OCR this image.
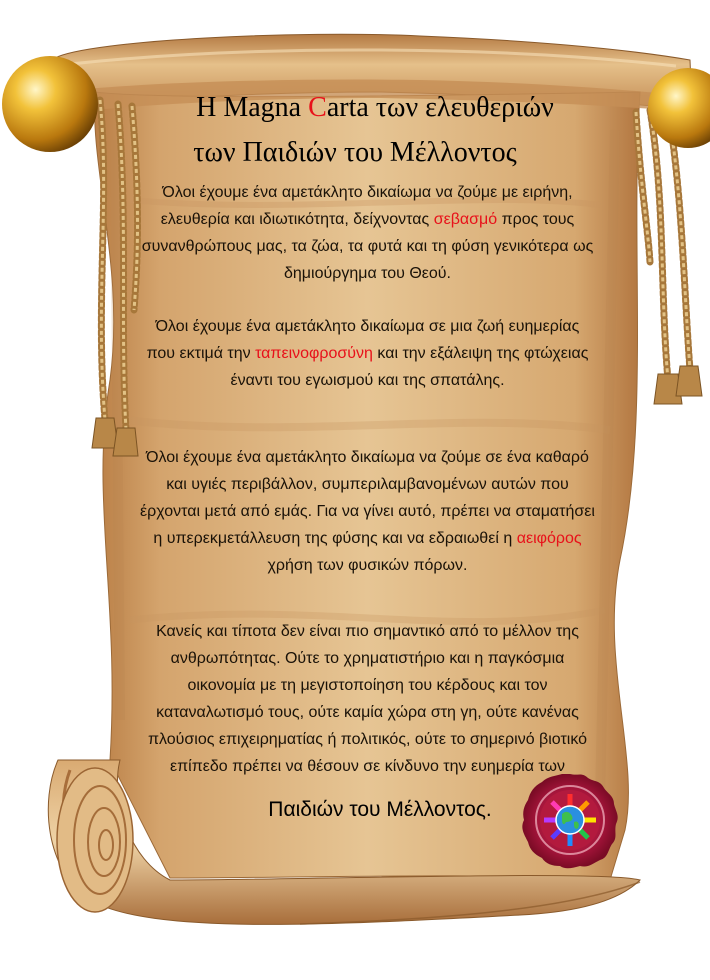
H Magna Carta των ελευθεριών
των Παιδιών του Μέλλοντος
Όλοι έχουμε ένα αμετάκλητο δικαίωμα να ζούμε με ειρήνη, ελευθερία και ιδιωτικότητα, δείχνοντας σεβασμό προς τους συνανθρώπους μας, τα ζώα, τα φυτά και τη φύση γενικότερα ως δημιούργημα του Θεού.
Όλοι έχουμε ένα αμετάκλητο δικαίωμα σε μια ζωή ευημερίας που εκτιμά την ταπεινοφροσύνη και την εξάλειψη της φτώχειας έναντι του εγωισμού και της σπατάλης.
Όλοι έχουμε ένα αμετάκλητο δικαίωμα να ζούμε σε ένα καθαρό και υγιές περιβάλλον, συμπεριλαμβανομένων αυτών που έρχονται μετά από εμάς. Για να γίνει αυτό, πρέπει να σταματήσει η υπερεκμετάλλευση της φύσης και να εδραιωθεί η αειφόρος χρήση των φυσικών πόρων.
Κανείς και τίποτα δεν είναι πιο σημαντικό από το μέλλον της ανθρωπότητας. Ούτε το χρηματιστήριο και η παγκόσμια οικονομία με τη μεγιστοποίηση του κέρδους και τον καταναλωτισμό τους, ούτε καμία χώρα στη γη, ούτε κανένας πλούσιος επιχειρηματίας ή πολιτικός, ούτε το σημερινό βιοτικό επίπεδο πρέπει να θέσουν σε κίνδυνο την ευημερία των
Παιδιών του Μέλλοντος.
